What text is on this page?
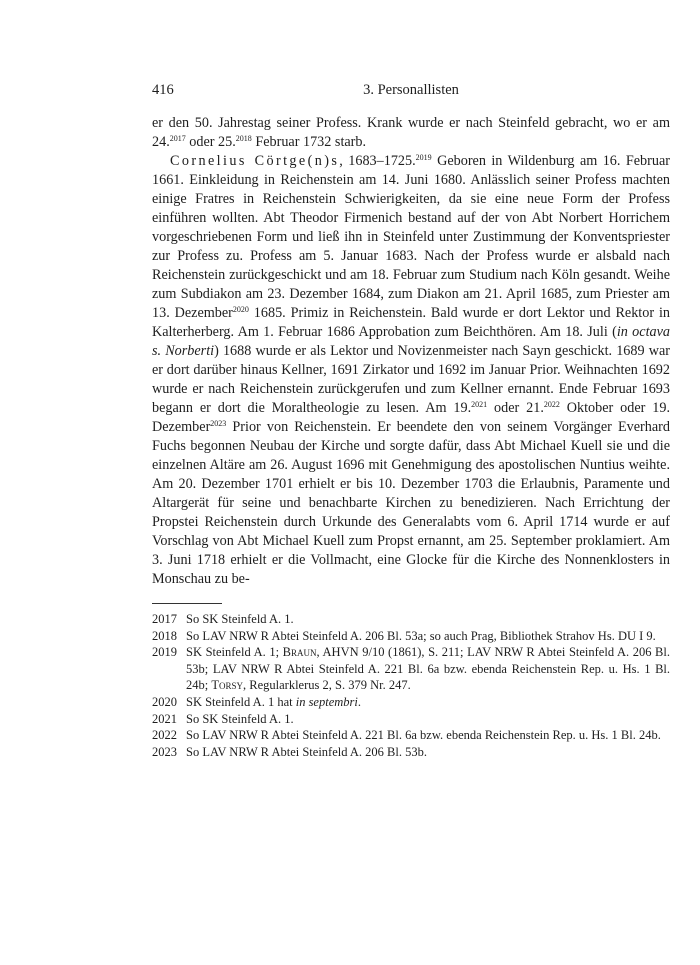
416	3. Personallisten

er den 50. Jahrestag seiner Profess. Krank wurde er nach Steinfeld gebracht, wo er am 24.$^{2017}$ oder 25.$^{2018}$ Februar 1732 starb.

Cornelius Cörtge(n)s, 1683–1725.$^{2019}$ Geboren in Wildenburg am 16. Februar 1661. Einkleidung in Reichenstein am 14. Juni 1680. Anlässlich seiner Profess machten einige Fratres in Reichenstein Schwierigkeiten, da sie eine neue Form der Profess einführen wollten. Abt Theodor Firmenich bestand auf der von Abt Norbert Horrichem vorgeschriebenen Form und ließ ihn in Steinfeld unter Zustimmung der Konventspriester zur Profess zu. Profess am 5. Januar 1683. Nach der Profess wurde er alsbald nach Reichenstein zurückgeschickt und am 18. Februar zum Studium nach Köln gesandt. Weihe zum Subdiakon am 23. Dezember 1684, zum Diakon am 21. April 1685, zum Priester am 13. Dezember$^{2020}$ 1685. Primiz in Reichenstein. Bald wurde er dort Lektor und Rektor in Kalterherberg. Am 1. Februar 1686 Approbation zum Beichthören. Am 18. Juli (in octava s. Norberti) 1688 wurde er als Lektor und Novizenmeister nach Sayn geschickt. 1689 war er dort darüber hinaus Kellner, 1691 Zirkator und 1692 im Januar Prior. Weihnachten 1692 wurde er nach Reichenstein zurückgerufen und zum Kellner ernannt. Ende Februar 1693 begann er dort die Moraltheologie zu lesen. Am 19.$^{2021}$ oder 21.$^{2022}$ Oktober oder 19. Dezember$^{2023}$ Prior von Reichenstein. Er beendete den von seinem Vorgänger Everhard Fuchs begonnen Neubau der Kirche und sorgte dafür, dass Abt Michael Kuell sie und die einzelnen Altäre am 26. August 1696 mit Genehmigung des apostolischen Nuntius weihte. Am 20. Dezember 1701 erhielt er bis 10. Dezember 1703 die Erlaubnis, Paramente und Altargerät für seine und benachbarte Kirchen zu benedizieren. Nach Errichtung der Propstei Reichenstein durch Urkunde des Generalabts vom 6. April 1714 wurde er auf Vorschlag von Abt Michael Kuell zum Propst ernannt, am 25. September proklamiert. Am 3. Juni 1718 erhielt er die Vollmacht, eine Glocke für die Kirche des Nonnenklosters in Monschau zu be-

2017 So SK Steinfeld A. 1.
2018 So LAV NRW R Abtei Steinfeld A. 206 Bl. 53a; so auch Prag, Bibliothek Strahov Hs. DU I 9.
2019 SK Steinfeld A. 1; Braun, AHVN 9/10 (1861), S. 211; LAV NRW R Abtei Steinfeld A. 206 Bl. 53b; LAV NRW R Abtei Steinfeld A. 221 Bl. 6a bzw. ebenda Reichenstein Rep. u. Hs. 1 Bl. 24b; Torsy, Regularklerus 2, S. 379 Nr. 247.
2020 SK Steinfeld A. 1 hat in septembri.
2021 So SK Steinfeld A. 1.
2022 So LAV NRW R Abtei Steinfeld A. 221 Bl. 6a bzw. ebenda Reichenstein Rep. u. Hs. 1 Bl. 24b.
2023 So LAV NRW R Abtei Steinfeld A. 206 Bl. 53b.
